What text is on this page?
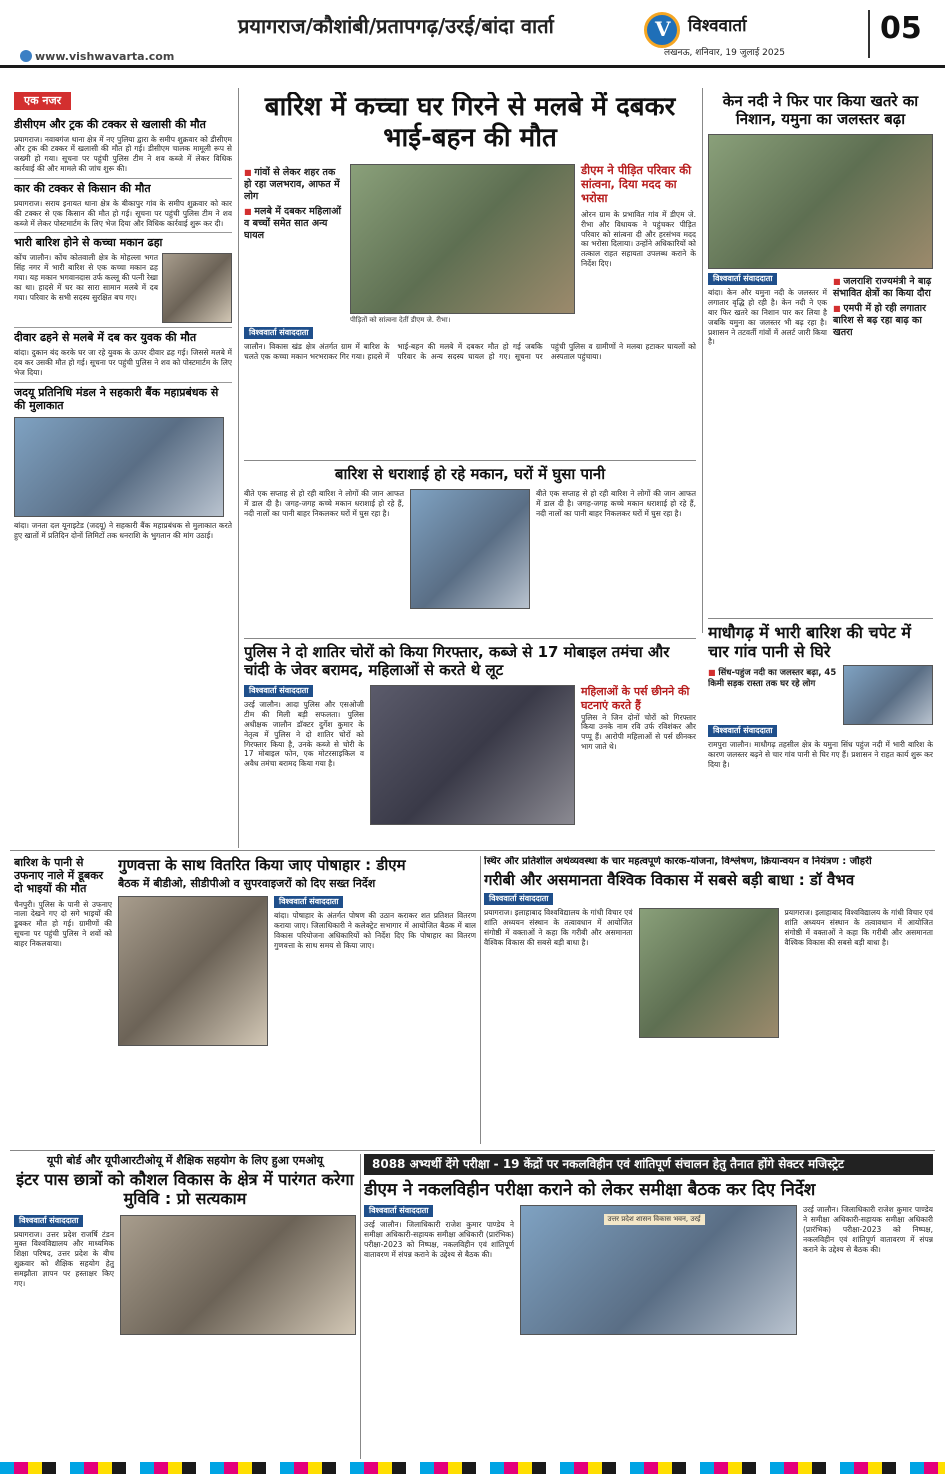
प्रयागराज/कौशांबी/प्रतापगढ़/उरई/बांदा वार्ता
www.vishwavarta.com
V
विश्ववार्ता
लखनऊ, शनिवार, 19 जुलाई 2025
05
एक नजर
डीसीएम और ट्रक की टक्कर से खलासी की मौत
प्रयागराज। नवाबगंज थाना क्षेत्र में नए पुलिया द्वारा के समीप शुक्रवार को डीसीएम और ट्रक की टक्कर में खलासी की मौत हो गई। डीसीएम चालक मामूली रूप से जख्मी हो गया। सूचना पर पहुंची पुलिस टीम ने शव कब्जे में लेकर विधिक कार्रवाई की और मामले की जांच शुरू की।
कार की टक्कर से किसान की मौत
प्रयागराज। सराय इनायत थाना क्षेत्र के बीकापुर गांव के समीप शुक्रवार को कार की टक्कर से एक किसान की मौत हो गई। सूचना पर पहुंची पुलिस टीम ने शव कब्जे में लेकर पोस्टमार्टम के लिए भेज दिया और विधिक कार्रवाई शुरू कर दी।
भारी बारिश होने से कच्चा मकान ढहा
कोंच जालौन। कोंच कोतवाली क्षेत्र के मोहल्ला भगत सिंह नगर में भारी बारिश से एक कच्चा मकान ढह गया। यह मकान भगवानदास उर्फ कल्लू की पत्नी रेखा का था। हादसे में घर का सारा सामान मलबे में दब गया। परिवार के सभी सदस्य सुरक्षित बच गए।
दीवार ढहने से मलबे में दब कर युवक की मौत
बांदा। दुकान बंद करके घर जा रहे युवक के ऊपर दीवार ढह गई। जिससे मलबे में दब कर उसकी मौत हो गई। सूचना पर पहुंची पुलिस ने शव को पोस्टमार्टम के लिए भेज दिया।
जदयू प्रतिनिधि मंडल ने सहकारी बैंक महाप्रबंधक से की मुलाकात
बांदा। जनता दल यूनाइटेड (जदयू) ने सहकारी बैंक महाप्रबंधक से मुलाकात करते हुए खातों में प्रतिदिन दोनों लिमिटों तक धनराशि के भुगतान की मांग उठाई।
बारिश में कच्चा घर गिरने से मलबे में दबकर भाई-बहन की मौत
■ गांवों से लेकर शहर तक हो रहा जलभराव, आफत में लोग
■ मलबे में दबकर महिलाओं व बच्चों समेत सात अन्य घायल
पीड़ितों को सांत्वना देतीं डीएम जे. रीभा।
डीएम ने पीड़ित परिवार की सांत्वना, दिया मदद का भरोसा
ओरन ग्राम के प्रभावित गांव में डीएम जे. रीभा और विधायक ने पहुंचकर पीड़ित परिवार को सांत्वना दी और हरसंभव मदद का भरोसा दिलाया। उन्होंने अधिकारियों को तत्काल राहत सहायता उपलब्ध कराने के निर्देश दिए।
विश्ववार्ता संवाददाता
जालौन। विकास खंड क्षेत्र अंतर्गत ग्राम में बारिश के चलते एक कच्चा मकान भरभराकर गिर गया। हादसे में भाई-बहन की मलबे में दबकर मौत हो गई जबकि परिवार के अन्य सदस्य घायल हो गए। सूचना पर पहुंची पुलिस व ग्रामीणों ने मलबा हटाकर घायलों को अस्पताल पहुंचाया।
बारिश से धराशाई हो रहे मकान, घरों में घुसा पानी
बीते एक सप्ताह से हो रही बारिश ने लोगों की जान आफत में डाल दी है। जगह-जगह कच्चे मकान धराशाई हो रहे हैं, नदी नालों का पानी बाहर निकलकर घरों में घुस रहा है।
बीते एक सप्ताह से हो रही बारिश ने लोगों की जान आफत में डाल दी है। जगह-जगह कच्चे मकान धराशाई हो रहे हैं, नदी नालों का पानी बाहर निकलकर घरों में घुस रहा है।
केन नदी ने फिर पार किया खतरे का निशान, यमुना का जलस्तर बढ़ा
विश्ववार्ता संवाददाता
बांदा। केन और यमुना नदी के जलस्तर में लगातार वृद्धि हो रही है। केन नदी ने एक बार फिर खतरे का निशान पार कर लिया है जबकि यमुना का जलस्तर भी बढ़ रहा है। प्रशासन ने तटवर्ती गांवों में अलर्ट जारी किया है।
■ जलराशि राज्यमंत्री ने बाढ़ संभावित क्षेत्रों का किया दौरा
■ एमपी में हो रही लगातार बारिश से बढ़ रहा बाढ़ का खतरा
माधौगढ़ में भारी बारिश की चपेट में चार गांव पानी से घिरे
■ सिंध-पहुंज नदी का जलस्तर बढ़ा, 45 किमी सड़क रास्ता तक घर रहे लोग
विश्ववार्ता संवाददाता
रामपुरा जालौन। माधौगढ़ तहसील क्षेत्र के यमुना सिंध पहुंज नदी में भारी बारिश के कारण जलस्तर बढ़ने से चार गांव पानी से घिर गए हैं। प्रशासन ने राहत कार्य शुरू कर दिया है।
पुलिस ने दो शातिर चोरों को किया गिरफ्तार, कब्जे से 17 मोबाइल तमंचा और चांदी के जेवर बरामद, महिलाओं से करते थे लूट
विश्ववार्ता संवाददाता
उरई जालौन। आदा पुलिस और एसओजी टीम की मिली बड़ी सफलता। पुलिस अधीक्षक जालौन डॉक्टर दुर्गेश कुमार के नेतृत्व में पुलिस ने दो शातिर चोरों को गिरफ्तार किया है, उनके कब्जे से चोरी के 17 मोबाइल फोन, एक मोटरसाइकिल व अवैध तमंचा बरामद किया गया है।
महिलाओं के पर्स छीनने की घटनाएं करते हैं
पुलिस ने जिन दोनों चोरों को गिरफ्तार किया उनके नाम रवि उर्फ रविशंकर और पप्पू हैं। आरोपी महिलाओं से पर्स छीनकर भाग जाते थे।
बारिश के पानी से उफनाए नाले में डूबकर दो भाइयों की मौत
चैनपुरी। पुलिस के पानी से उफनाए नाला देखने गए दो सगे भाइयों की डूबकर मौत हो गई। ग्रामीणों की सूचना पर पहुंची पुलिस ने शवों को बाहर निकलवाया।
गुणवत्ता के साथ वितरित किया जाए पोषाहार : डीएम
बैठक में बीडीओ, सीडीपीओ व सुपरवाइजरों को दिए सख्त निर्देश
विश्ववार्ता संवाददाता
बांदा। पोषाहार के अंतर्गत पोषण की उठान कराकर शत प्रतिशत वितरण कराया जाए। जिलाधिकारी ने कलेक्ट्रेट सभागार में आयोजित बैठक में बाल विकास परियोजना अधिकारियों को निर्देश दिए कि पोषाहार का वितरण गुणवत्ता के साथ समय से किया जाए।
स्थिर और प्रतिशील अर्थव्यवस्था के चार महत्वपूर्ण कारक-योजना, विश्लेषण, क्रियान्वयन व नियंत्रण : जौहरी
गरीबी और असमानता वैश्विक विकास में सबसे बड़ी बाधा : डॉ वैभव
विश्ववार्ता संवाददाता
प्रयागराज। इलाहाबाद विश्वविद्यालय के गांधी विचार एवं शांति अध्ययन संस्थान के तत्वावधान में आयोजित संगोष्ठी में वक्ताओं ने कहा कि गरीबी और असमानता वैश्विक विकास की सबसे बड़ी बाधा है।
प्रयागराज। इलाहाबाद विश्वविद्यालय के गांधी विचार एवं शांति अध्ययन संस्थान के तत्वावधान में आयोजित संगोष्ठी में वक्ताओं ने कहा कि गरीबी और असमानता वैश्विक विकास की सबसे बड़ी बाधा है।
यूपी बोर्ड और यूपीआरटीओयू में शैक्षिक सहयोग के लिए हुआ एमओयू
इंटर पास छात्रों को कौशल विकास के क्षेत्र में पारंगत करेगा मुविवि : प्रो सत्यकाम
विश्ववार्ता संवाददाता
प्रयागराज। उत्तर प्रदेश राजर्षि टंडन मुक्त विश्वविद्यालय और माध्यमिक शिक्षा परिषद, उत्तर प्रदेश के बीच शुक्रवार को शैक्षिक सहयोग हेतु समझौता ज्ञापन पर हस्ताक्षर किए गए।
8088 अभ्यर्थी देंगे परीक्षा - 19 केंद्रों पर नकलविहीन एवं शांतिपूर्ण संचालन हेतु तैनात होंगे सेक्टर मजिस्ट्रेट
डीएम ने नकलविहीन परीक्षा कराने को लेकर समीक्षा बैठक कर दिए निर्देश
विश्ववार्ता संवाददाता
उरई जालौन। जिलाधिकारी राजेश कुमार पाण्डेय ने समीक्षा अधिकारी-सहायक समीक्षा अधिकारी (प्रारंभिक) परीक्षा-2023 को निष्पक्ष, नकलविहीन एवं शांतिपूर्ण वातावरण में संपन्न कराने के उद्देश्य से बैठक की।
उत्तर प्रदेश शासन विकास भवन, उरई
उरई जालौन। जिलाधिकारी राजेश कुमार पाण्डेय ने समीक्षा अधिकारी-सहायक समीक्षा अधिकारी (प्रारंभिक) परीक्षा-2023 को निष्पक्ष, नकलविहीन एवं शांतिपूर्ण वातावरण में संपन्न कराने के उद्देश्य से बैठक की।
